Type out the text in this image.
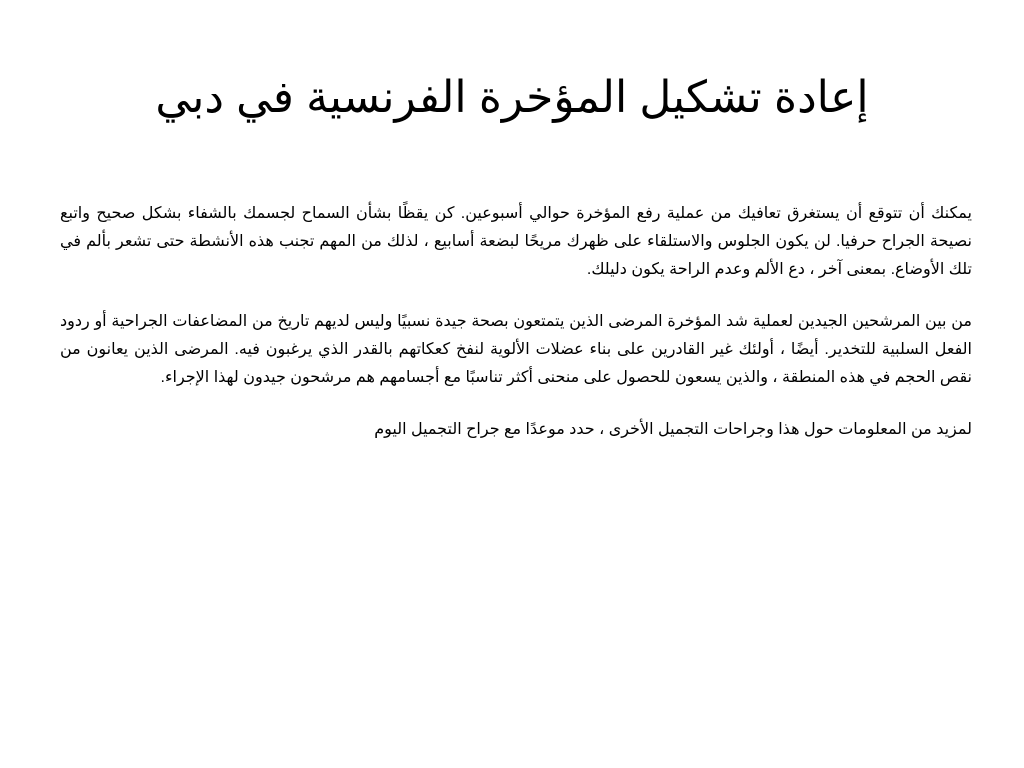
إعادة تشكيل المؤخرة الفرنسية في دبي

يمكنك أن تتوقع أن يستغرق تعافيك من عملية رفع المؤخرة حوالي أسبوعين. كن يقظًا بشأن السماح لجسمك بالشفاء بشكل صحيح واتبع نصيحة الجراح حرفيا. لن يكون الجلوس والاستلقاء على ظهرك مريحًا لبضعة أسابيع ، لذلك من المهم تجنب هذه الأنشطة حتى تشعر بألم في تلك الأوضاع. بمعنى آخر ، دع الألم وعدم الراحة يكون دليلك.

من بين المرشحين الجيدين لعملية شد المؤخرة المرضى الذين يتمتعون بصحة جيدة نسبيًا وليس لديهم تاريخ من المضاعفات الجراحية أو ردود الفعل السلبية للتخدير. أيضًا ، أولئك غير القادرين على بناء عضلات الألوية لنفخ كعكاتهم بالقدر الذي يرغبون فيه. المرضى الذين يعانون من نقص الحجم في هذه المنطقة ، والذين يسعون للحصول على منحنى أكثر تناسبًا مع أجسامهم هم مرشحون جيدون لهذا الإجراء.

لمزيد من المعلومات حول هذا وجراحات التجميل الأخرى ، حدد موعدًا مع جراح التجميل اليوم
